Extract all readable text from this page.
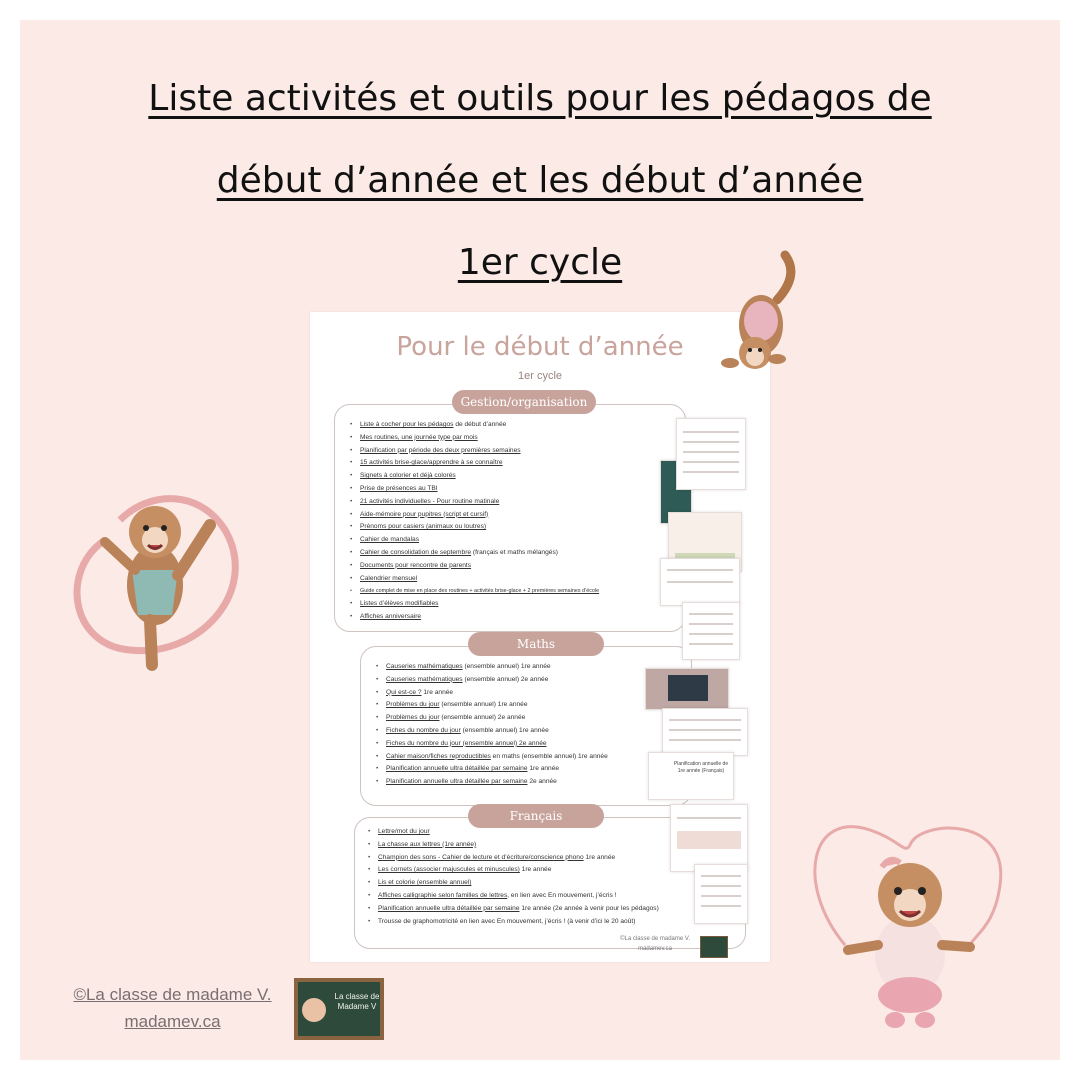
Liste activités et outils pour les pédagos de
début d’année et les début d’année
1er cycle
Pour le début d’année
1er cycle
Gestion/organisation
• Liste à cocher pour les pédagos de début d’année
• Mes routines, une journée type par mois
• Planification par période des deux premières semaines
• 15 activités brise-glace/apprendre à se connaître
• Signets à colorier et déjà colorés
• Prise de présences au TBI
• 21 activités individuelles - Pour routine matinale
• Aide-mémoire pour pupitres (script et cursif)
• Prénoms pour casiers (animaux ou loutres)
• Cahier de mandalas
• Cahier de consolidation de septembre (français et maths mélangés)
• Documents pour rencontre de parents
• Calendrier mensuel
• Guide complet de mise en place des routines + activités brise-glace + 2 premières semaines d’école
• Listes d’élèves modifiables
• Affiches anniversaire
Maths
• Causeries mathématiques (ensemble annuel) 1re année
• Causeries mathématiques (ensemble annuel) 2e année
• Qui est-ce ? 1re année
• Problèmes du jour (ensemble annuel) 1re année
• Problèmes du jour (ensemble annuel) 2e année
• Fiches du nombre du jour (ensemble annuel) 1re année
• Fiches du nombre du jour (ensemble annuel) 2e année
• Cahier maison/fiches reproductibles en maths (ensemble annuel) 1re année
• Planification annuelle ultra détaillée par semaine 1re année
• Planification annuelle ultra détaillée par semaine 2e année
Français
• Lettre/mot du jour
• La chasse aux lettres (1re année)
• Champion des sons - Cahier de lecture et d’écriture/conscience phono 1re année
• Les cornets (associer majuscules et minuscules) 1re année
• Lis et colorie (ensemble annuel)
• Affiches calligraphie selon familles de lettres, en lien avec En mouvement, j’écris !
• Planification annuelle ultra détaillée par semaine 1re année (2e année à venir pour les pédagos)
• Trousse de graphomotricité en lien avec En mouvement, j’écris ! (à venir d’ici le 20 août)
Planification annuelle de 1re année (Français)
©La classe de madame V.
madamev.ca
©La classe de madame V.
madamev.ca
La classe de Madame V
